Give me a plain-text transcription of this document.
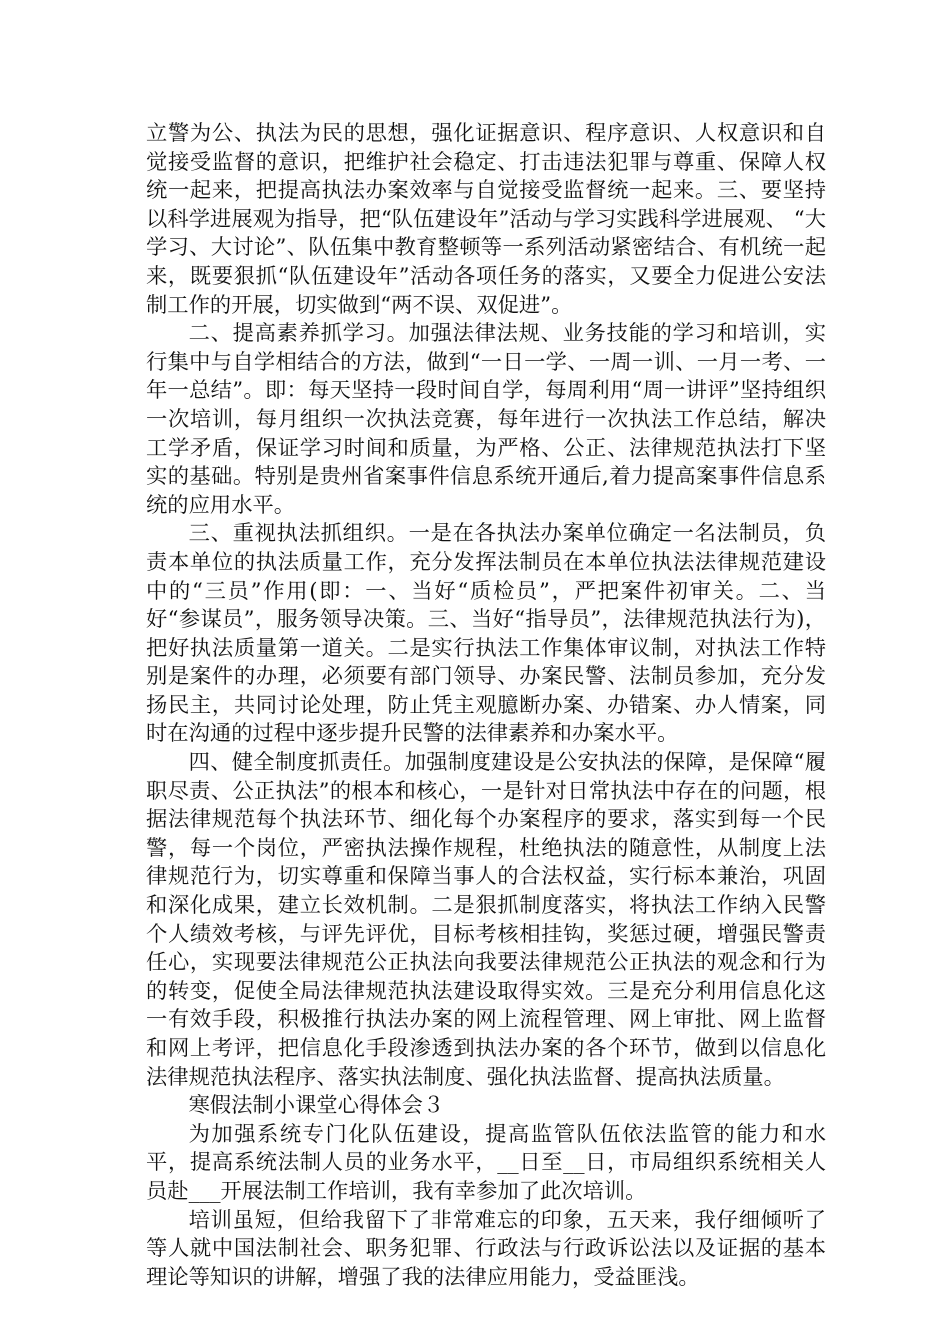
立警为公、执法为民的思想，强化证据意识、程序意识、人权意识和自觉接受监督的意识，把维护社会稳定、打击违法犯罪与尊重、保障人权统一起来，把提高执法办案效率与自觉接受监督统一起来。三、要坚持以科学进展观为指导，把“队伍建设年”活动与学习实践科学进展观、 “大学习、大讨论”、队伍集中教育整顿等一系列活动紧密结合、有机统一起来，既要狠抓“队伍建设年”活动各项任务的落实，又要全力促进公安法制工作的开展，切实做到“两不误、双促进”。

二、提高素养抓学习。加强法律法规、业务技能的学习和培训，实行集中与自学相结合的方法，做到“一日一学、一周一训、一月一考、一年一总结”。即：每天坚持一段时间自学，每周利用“周一讲评”坚持组织一次培训，每月组织一次执法竞赛，每年进行一次执法工作总结，解决工学矛盾，保证学习时间和质量，为严格、公正、法律规范执法打下坚实的基础。特别是贵州省案事件信息系统开通后,着力提高案事件信息系统的应用水平。

三、重视执法抓组织。一是在各执法办案单位确定一名法制员，负责本单位的执法质量工作，充分发挥法制员在本单位执法法律规范建设中的“三员”作用(即：一、当好“质检员”，严把案件初审关。二、当好“参谋员”，服务领导决策。三、当好“指导员”，法律规范执法行为)，把好执法质量第一道关。二是实行执法工作集体审议制，对执法工作特别是案件的办理，必须要有部门领导、办案民警、法制员参加，充分发扬民主，共同讨论处理，防止凭主观臆断办案、办错案、办人情案，同时在沟通的过程中逐步提升民警的法律素养和办案水平。

四、健全制度抓责任。加强制度建设是公安执法的保障，是保障“履职尽责、公正执法”的根本和核心，一是针对日常执法中存在的问题，根据法律规范每个执法环节、细化每个办案程序的要求，落实到每一个民警，每一个岗位，严密执法操作规程，杜绝执法的随意性，从制度上法律规范行为，切实尊重和保障当事人的合法权益，实行标本兼治，巩固和深化成果，建立长效机制。二是狠抓制度落实，将执法工作纳入民警个人绩效考核，与评先评优，目标考核相挂钩，奖惩过硬，增强民警责任心，实现要法律规范公正执法向我要法律规范公正执法的观念和行为的转变，促使全局法律规范执法建设取得实效。三是充分利用信息化这一有效手段，积极推行执法办案的网上流程管理、网上审批、网上监督和网上考评，把信息化手段渗透到执法办案的各个环节，做到以信息化法律规范执法程序、落实执法制度、强化执法监督、提高执法质量。

寒假法制小课堂心得体会３

为加强系统专门化队伍建设，提高监管队伍依法监管的能力和水平，提高系统法制人员的业务水平，__日至__日，市局组织系统相关人员赴___开展法制工作培训，我有幸参加了此次培训。

培训虽短，但给我留下了非常难忘的印象，五天来，我仔细倾听了等人就中国法制社会、职务犯罪、行政法与行政诉讼法以及证据的基本理论等知识的讲解，增强了我的法律应用能力，受益匪浅。
